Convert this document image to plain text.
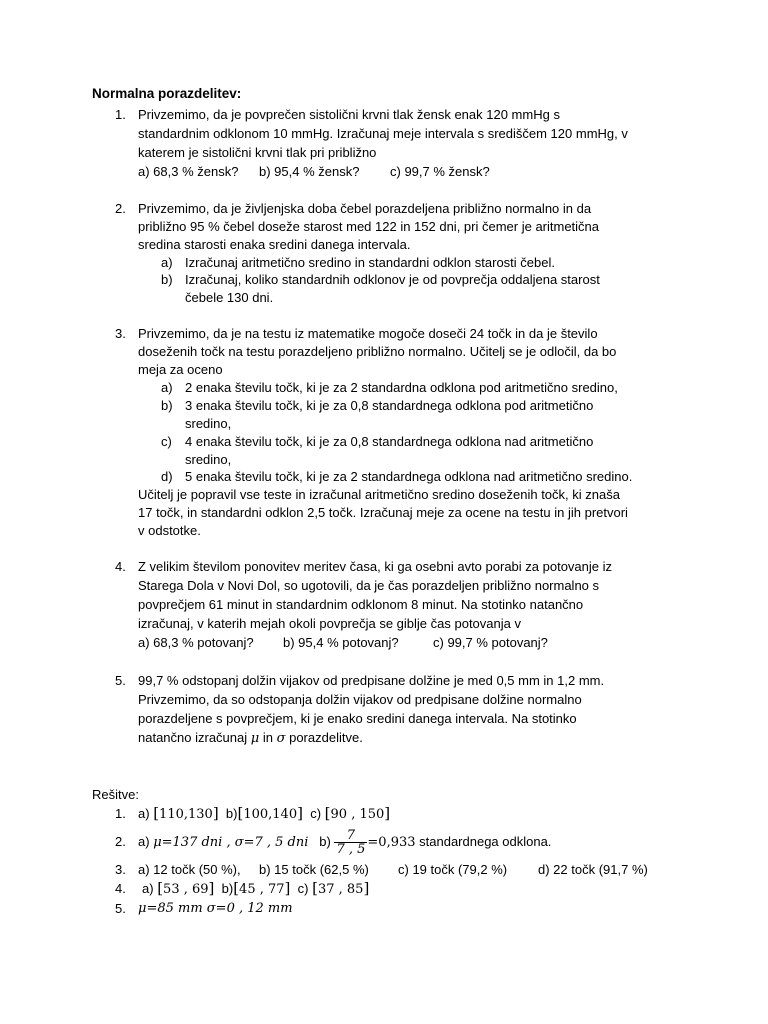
Normalna porazdelitev:
1. Privzemimo, da je povprečen sistolični krvni tlak žensk enak 120 mmHg s
standardnim odklonom 10 mmHg. Izračunaj meje intervala s središčem 120 mmHg, v
katerem je sistolični krvni tlak pri približno
a) 68,3 % žensk? b) 95,4 % žensk? c) 99,7 % žensk?
2. Privzemimo, da je življenjska doba čebel porazdeljena približno normalno in da
približno 95 % čebel doseže starost med 122 in 152 dni, pri čemer je aritmetična
sredina starosti enaka sredini danega intervala.
a) Izračunaj aritmetično sredino in standardni odklon starosti čebel.
b) Izračunaj, koliko standardnih odklonov je od povprečja oddaljena starost
čebele 130 dni.
3. Privzemimo, da je na testu iz matematike mogoče doseči 24 točk in da je število
doseženih točk na testu porazdeljeno približno normalno. Učitelj se je odločil, da bo
meja za oceno
a) 2 enaka številu točk, ki je za 2 standardna odklona pod aritmetično sredino,
b) 3 enaka številu točk, ki je za 0,8 standardnega odklona pod aritmetično
sredino,
c) 4 enaka številu točk, ki je za 0,8 standardnega odklona nad aritmetično
sredino,
d) 5 enaka številu točk, ki je za 2 standardnega odklona nad aritmetično sredino.
Učitelj je popravil vse teste in izračunal aritmetično sredino doseženih točk, ki znaša
17 točk, in standardni odklon 2,5 točk. Izračunaj meje za ocene na testu in jih pretvori
v odstotke.
4. Z velikim številom ponovitev meritev časa, ki ga osebni avto porabi za potovanje iz
Starega Dola v Novi Dol, so ugotovili, da je čas porazdeljen približno normalno s
povprečjem 61 minut in standardnim odklonom 8 minut. Na stotinko natančno
izračunaj, v katerih mejah okoli povprečja se giblje čas potovanja v
a) 68,3 % potovanj? b) 95,4 % potovanj?	c) 99,7 % potovanj?
5. 99,7 % odstopanj dolžin vijakov od predpisane dolžine je med 0,5 mm in 1,2 mm.
Privzemimo, da so odstopanja dolžin vijakov od predpisane dolžine normalno
porazdeljene s povprečjem, ki je enako sredini danega intervala. Na stotinko
natančno izračunaj μ in σ porazdelitve.
Rešitve:
1. a) [110,130] b)[100,140] c) [90 , 150]
2. a) μ=137 dni , σ=7 , 5 dni $b) \frac{7}{7 , 5} =0,933$ standardnega odklona.
3. a) 12 točk (50 %), b) 15 točk (62,5 %) c) 19 točk (79,2 %) d) 22 točk (91,7 %)
4. a) [53 , 69] b)[45 , 77] c) [37 , 85]
5. μ=85 mm σ=0 , 12 mm
